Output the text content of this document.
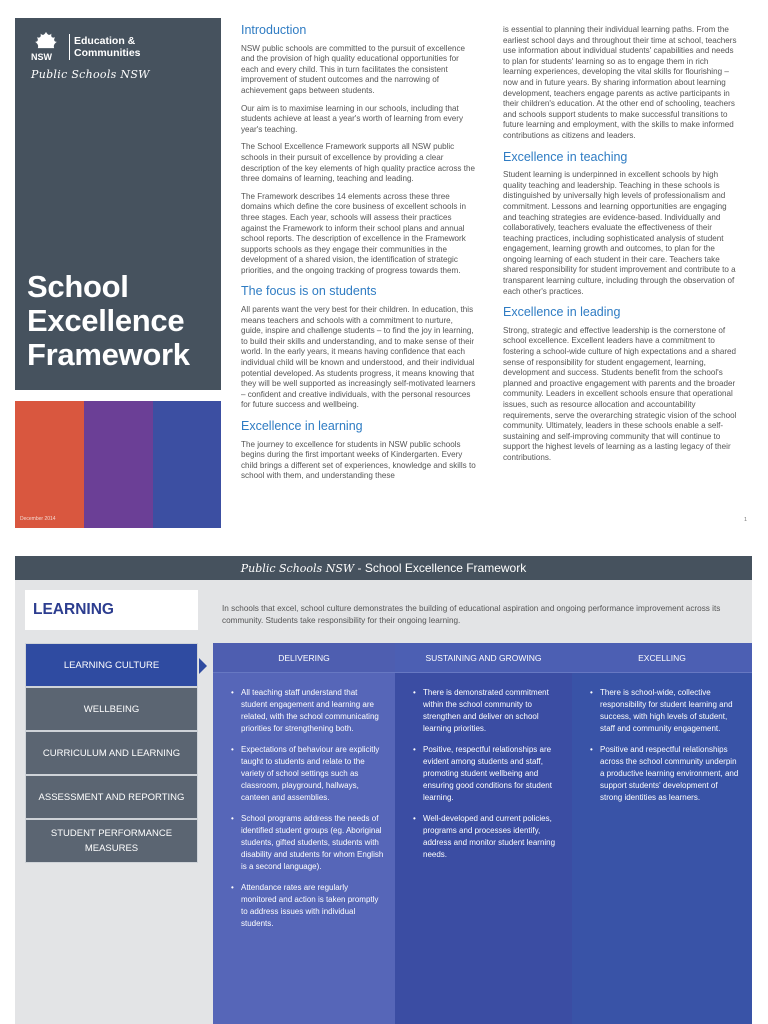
NSW
Education &
Communities
Public Schools NSW
School
Excellence
Framework
December 2014
Introduction

NSW public schools are committed to the pursuit of excellence and the provision of high quality educational opportunities for each and every child. This in turn facilitates the consistent improvement of student outcomes and the narrowing of achievement gaps between students.

Our aim is to maximise learning in our schools, including that students achieve at least a year's worth of learning from every year's teaching.

The School Excellence Framework supports all NSW public schools in their pursuit of excellence by providing a clear description of the key elements of high quality practice across the three domains of learning, teaching and leading.

The Framework describes 14 elements across these three domains which define the core business of excellent schools in three stages. Each year, schools will assess their practices against the Framework to inform their school plans and annual school reports. The description of excellence in the Framework supports schools as they engage their communities in the development of a shared vision, the identification of strategic priorities, and the ongoing tracking of progress towards them.

The focus is on students

All parents want the very best for their children. In education, this means teachers and schools with a commitment to nurture, guide, inspire and challenge students – to find the joy in learning, to build their skills and understanding, and to make sense of their world. In the early years, it means having confidence that each individual child will be known and understood, and their individual potential developed. As students progress, it means knowing that they will be well supported as increasingly self-motivated learners – confident and creative individuals, with the personal resources for future success and wellbeing.

Excellence in learning

The journey to excellence for students in NSW public schools begins during the first important weeks of Kindergarten. Every child brings a different set of experiences, knowledge and skills to school with them, and understanding these

is essential to planning their individual learning paths. From the earliest school days and throughout their time at school, teachers use information about individual students' capabilities and needs to plan for students' learning so as to engage them in rich learning experiences, developing the vital skills for flourishing – now and in future years. By sharing information about learning development, teachers engage parents as active participants in their children's education. At the other end of schooling, teachers and schools support students to make successful transitions to future learning and employment, with the skills to make informed contributions as citizens and leaders.

Excellence in teaching

Student learning is underpinned in excellent schools by high quality teaching and leadership. Teaching in these schools is distinguished by universally high levels of professionalism and commitment. Lessons and learning opportunities are engaging and teaching strategies are evidence-based. Individually and collaboratively, teachers evaluate the effectiveness of their teaching practices, including sophisticated analysis of student engagement, learning growth and outcomes, to plan for the ongoing learning of each student in their care. Teachers take shared responsibility for student improvement and contribute to a transparent learning culture, including through the observation of each other's practices.

Excellence in leading

Strong, strategic and effective leadership is the cornerstone of school excellence. Excellent leaders have a commitment to fostering a school-wide culture of high expectations and a shared sense of responsibility for student engagement, learning, development and success. Students benefit from the school's planned and proactive engagement with parents and the broader community. Leaders in excellent schools ensure that operational issues, such as resource allocation and accountability requirements, serve the overarching strategic vision of the school community. Ultimately, leaders in these schools enable a self-sustaining and self-improving community that will continue to support the highest levels of learning as a lasting legacy of their contributions.

1
Public Schools NSW - School Excellence Framework
LEARNING	In schools that excel, school culture demonstrates the building of educational aspiration and ongoing performance improvement across its community. Students take responsibility for their ongoing learning.
LEARNING CULTURE
WELLBEING
CURRICULUM AND LEARNING
ASSESSMENT AND REPORTING
STUDENT PERFORMANCE MEASURES
DELIVERING
• All teaching staff understand that student engagement and learning are related, with the school communicating priorities for strengthening both.
• Expectations of behaviour are explicitly taught to students and relate to the variety of school settings such as classroom, playground, hallways, canteen and assemblies.
• School programs address the needs of identified student groups (eg. Aboriginal students, gifted students, students with disability and students for whom English is a second language).
• Attendance rates are regularly monitored and action is taken promptly to address issues with individual students.
SUSTAINING AND GROWING
• There is demonstrated commitment within the school community to strengthen and deliver on school learning priorities.
• Positive, respectful relationships are evident among students and staff, promoting student wellbeing and ensuring good conditions for student learning.
• Well-developed and current policies, programs and processes identify, address and monitor student learning needs.
EXCELLING
• There is school-wide, collective responsibility for student learning and success, with high levels of student, staff and community engagement.
• Positive and respectful relationships across the school community underpin a productive learning environment, and support students' development of strong identities as learners.
